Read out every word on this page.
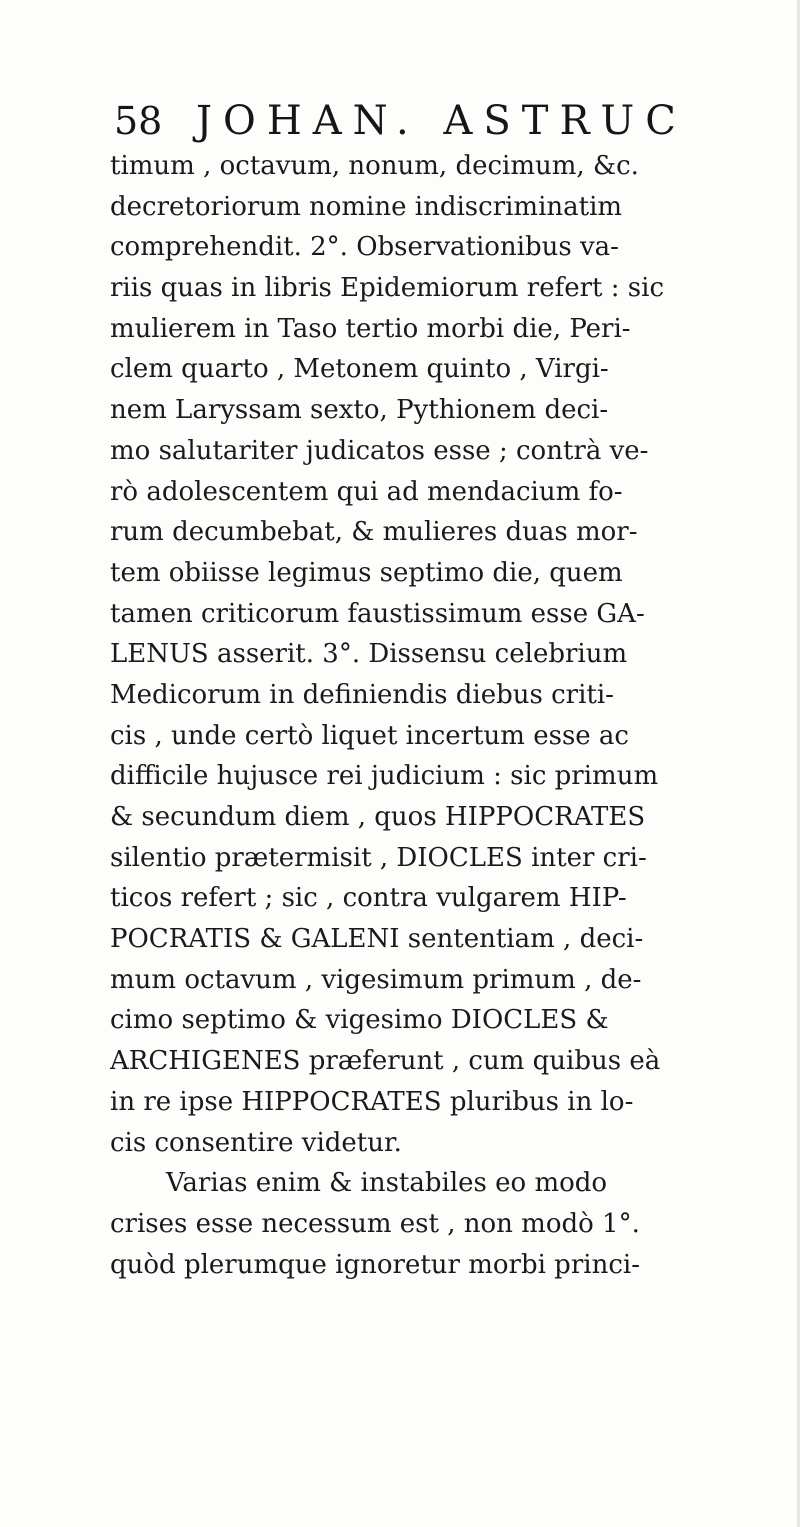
58 JOHAN. ASTRUC
timum , octavum, nonum, decimum, &c.
decretoriorum nomine indiscriminatim
comprehendit. 2°. Observationibus va-
riis quas in libris Epidemiorum refert : sic
mulierem in Taso tertio morbi die, Peri-
clem quarto , Metonem quinto , Virgi-
nem Laryssam sexto, Pythionem deci-
mo salutariter judicatos esse ; contrà ve-
rò adolescentem qui ad mendacium fo-
rum decumbebat, & mulieres duas mor-
tem obiisse legimus septimo die, quem
tamen criticorum faustissimum esse GA-
LENUS asserit. 3°. Dissensu celebrium
Medicorum in definiendis diebus criti-
cis , unde certò liquet incertum esse ac
difficile hujusce rei judicium : sic primum
& secundum diem , quos HIPPOCRATES
silentio prætermisit , DIOCLES inter cri-
ticos refert ; sic , contra vulgarem HIP-
POCRATIS & GALENI sententiam , deci-
mum octavum , vigesimum primum , de-
cimo septimo & vigesimo DIOCLES &
ARCHIGENES præferunt , cum quibus eà
in re ipse HIPPOCRATES pluribus in lo-
cis consentire videtur.
Varias enim & instabiles eo modo
crises esse necessum est , non modò 1°.
quòd plerumque ignoretur morbi princi-
